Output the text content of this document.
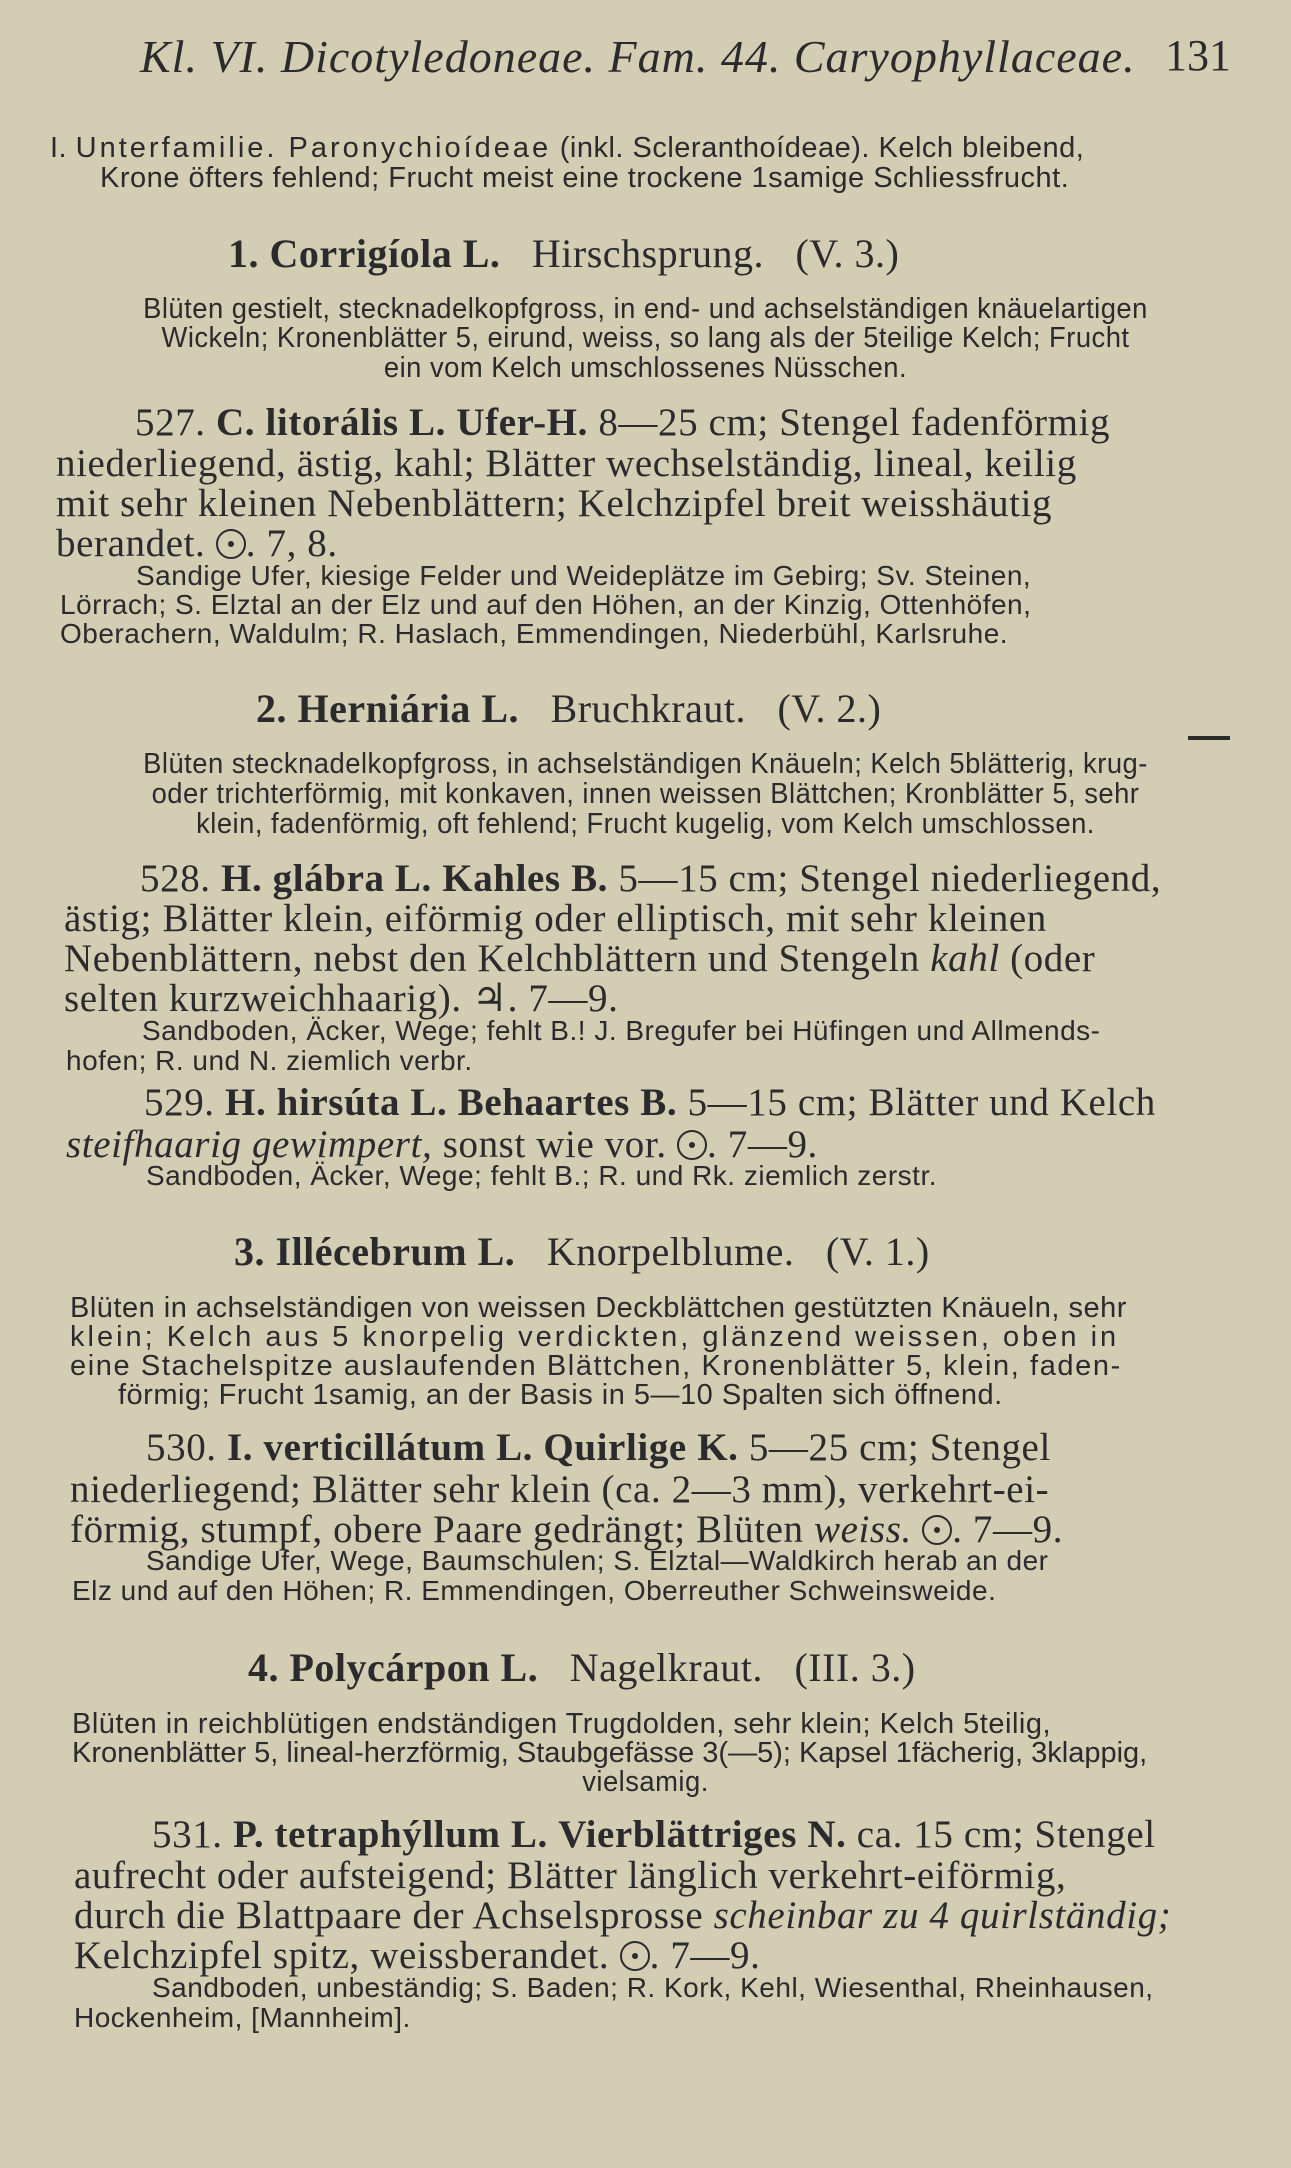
Kl. VI. Dicotyledoneae. Fam. 44. Caryophyllaceae. 131
I. Unterfamilie. Paronychioídeae (inkl. Scleranthoídeae). Kelch bleibend,
Krone öfters fehlend; Frucht meist eine trockene 1samige Schliessfrucht.
1. Corrigíola L. Hirschsprung. (V. 3.)
Blüten gestielt, stecknadelkopfgross, in end- und achselständigen knäuelartigen
Wickeln; Kronenblätter 5, eirund, weiss, so lang als der 5teilige Kelch; Frucht
ein vom Kelch umschlossenes Nüsschen.
527. C. litorális L. Ufer-H. 8—25 cm; Stengel fadenförmig
niederliegend, ästig, kahl; Blätter wechselständig, lineal, keilig
mit sehr kleinen Nebenblättern; Kelchzipfel breit weisshäutig
berandet. . 7, 8.
Sandige Ufer, kiesige Felder und Weideplätze im Gebirg; Sv. Steinen,
Lörrach; S. Elztal an der Elz und auf den Höhen, an der Kinzig, Ottenhöfen,
Oberachern, Waldulm; R. Haslach, Emmendingen, Niederbühl, Karlsruhe.
2. Herniária L. Bruchkraut. (V. 2.)
Blüten stecknadelkopfgross, in achselständigen Knäueln; Kelch 5blätterig, krug-
oder trichterförmig, mit konkaven, innen weissen Blättchen; Kronblätter 5, sehr
klein, fadenförmig, oft fehlend; Frucht kugelig, vom Kelch umschlossen.
528. H. glábra L. Kahles B. 5—15 cm; Stengel niederliegend,
ästig; Blätter klein, eiförmig oder elliptisch, mit sehr kleinen
Nebenblättern, nebst den Kelchblättern und Stengeln kahl (oder
selten kurzweichhaarig). ♃. 7—9.
Sandboden, Äcker, Wege; fehlt B.! J. Bregufer bei Hüfingen und Allmends-
hofen; R. und N. ziemlich verbr.
529. H. hirsúta L. Behaartes B. 5—15 cm; Blätter und Kelch
steifhaarig gewimpert, sonst wie vor. . 7—9.
Sandboden, Äcker, Wege; fehlt B.; R. und Rk. ziemlich zerstr.
3. Illécebrum L. Knorpelblume. (V. 1.)
Blüten in achselständigen von weissen Deckblättchen gestützten Knäueln, sehr
klein; Kelch aus 5 knorpelig verdickten, glänzend weissen, oben in
eine Stachelspitze auslaufenden Blättchen, Kronenblätter 5, klein, faden-
förmig; Frucht 1samig, an der Basis in 5—10 Spalten sich öffnend.
530. I. verticillátum L. Quirlige K. 5—25 cm; Stengel
niederliegend; Blätter sehr klein (ca. 2—3 mm), verkehrt-ei-
förmig, stumpf, obere Paare gedrängt; Blüten weiss. . 7—9.
Sandige Ufer, Wege, Baumschulen; S. Elztal—Waldkirch herab an der
Elz und auf den Höhen; R. Emmendingen, Oberreuther Schweinsweide.
4. Polycárpon L. Nagelkraut. (III. 3.)
Blüten in reichblütigen endständigen Trugdolden, sehr klein; Kelch 5teilig,
Kronenblätter 5, lineal-herzförmig, Staubgefässe 3(—5); Kapsel 1fächerig, 3klappig,
vielsamig.
531. P. tetraphýllum L. Vierblättriges N. ca. 15 cm; Stengel
aufrecht oder aufsteigend; Blätter länglich verkehrt-eiförmig,
durch die Blattpaare der Achselsprosse scheinbar zu 4 quirlständig;
Kelchzipfel spitz, weissberandet. . 7—9.
Sandboden, unbeständig; S. Baden; R. Kork, Kehl, Wiesenthal, Rheinhausen,
Hockenheim, [Mannheim].
